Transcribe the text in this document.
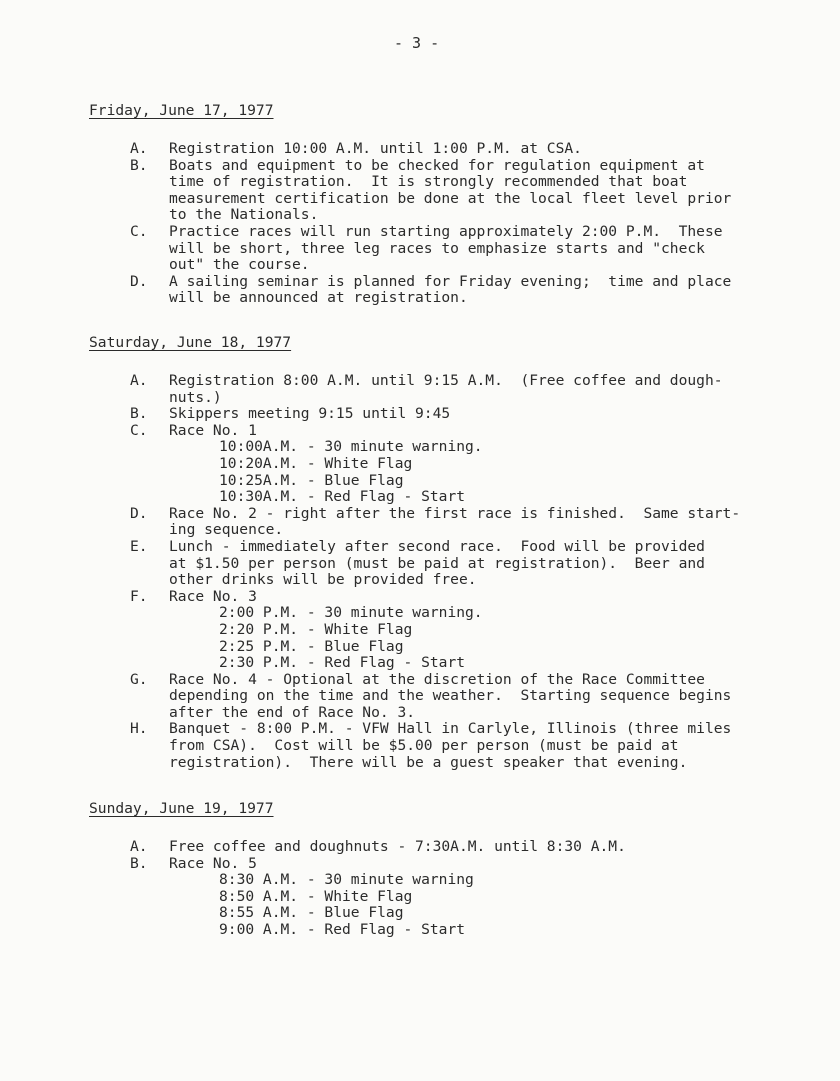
- 3 -
Friday, June 17, 1977
A.	Registration 10:00 A.M. until 1:00 P.M. at CSA.
B.	Boats and equipment to be checked for regulation equipment at
time of registration.  It is strongly recommended that boat
measurement certification be done at the local fleet level prior
to the Nationals.
C.	Practice races will run starting approximately 2:00 P.M.  These
will be short, three leg races to emphasize starts and "check
out" the course.
D.	A sailing seminar is planned for Friday evening;  time and place
will be announced at registration.
Saturday, June 18, 1977
A.	Registration 8:00 A.M. until 9:15 A.M.  (Free coffee and dough-
nuts.)
B.	Skippers meeting 9:15 until 9:45
C.	Race No. 1
10:00A.M. - 30 minute warning.
10:20A.M. - White Flag
10:25A.M. - Blue Flag
10:30A.M. - Red Flag - Start
D.	Race No. 2 - right after the first race is finished.  Same start-
ing sequence.
E.	Lunch - immediately after second race.  Food will be provided
at $1.50 per person (must be paid at registration).  Beer and
other drinks will be provided free.
F.	Race No. 3
2:00 P.M. - 30 minute warning.
2:20 P.M. - White Flag
2:25 P.M. - Blue Flag
2:30 P.M. - Red Flag - Start
G.	Race No. 4 - Optional at the discretion of the Race Committee
depending on the time and the weather.  Starting sequence begins
after the end of Race No. 3.
H.	Banquet - 8:00 P.M. - VFW Hall in Carlyle, Illinois (three miles
from CSA).  Cost will be $5.00 per person (must be paid at
registration).  There will be a guest speaker that evening.
Sunday, June 19, 1977
A.	Free coffee and doughnuts - 7:30A.M. until 8:30 A.M.
B.	Race No. 5
8:30 A.M. - 30 minute warning
8:50 A.M. - White Flag
8:55 A.M. - Blue Flag
9:00 A.M. - Red Flag - Start
